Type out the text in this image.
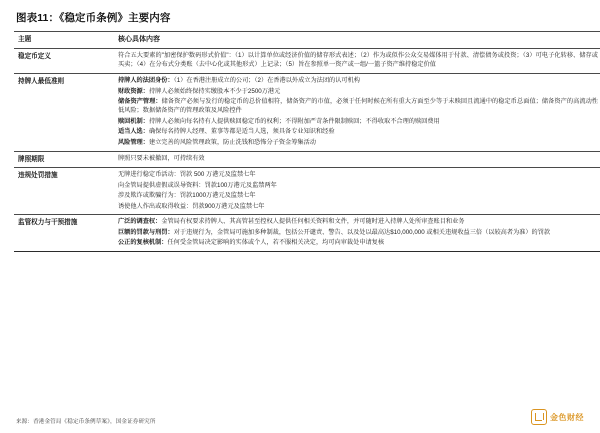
图表11：《稳定币条例》主要内容
主题	核心具体内容
稳定币定义	符合五大要素的"加密保护数码形式价值"：（1）以计算单位或经济价值的储存形式表述；（2）作为或似作公众交易媒体用于付款、清偿债务或投资；（3）可电子化转移、储存或买卖；（4）在分布式分类账（去中心化或其他形式）上记录；（5）旨在参照单一资产或一组/一篮子资产维持稳定价值

持牌人最低准则	持牌人的法团身份：（1）在香港注册成立的公司；（2）在香港以外成立为法团的认可机构
财政资源：持牌人必须始终保持实缴股本不少于2500万港元
储备资产管理：储备资产必须与发行的稳定币的总价值相符，储备资产的市值，必须于任何时候在所有重大方面至少等于未赎回且流通中的稳定币总面值；储备资产的高流动性低风险；数据储备资产的管理政策及风险控件
赎回机制：持牌人必须向每名持有人提供赎回稳定币的权利；不得附加严苛条件限制赎回；不得收取不合理的赎回费用
适当人选：确保每名持牌人经理、董事等都是适当人选，须具备专业知识和经验
风险管理：建立完善的风险管理政策，防止洗钱和恐怖分子资金筹集活动

牌照期限	牌照只要未被撤回，可持续有效

违规处罚措施	无牌进行稳定币活动：罚款 500 万港元及监禁七年
向金管局提供虚假或误导资料：罚款100万港元及监禁两年
涉及欺诈或欺骗行为：罚款1000万港元及监禁七年
诱使他人作出或取得收益：罚款900万港元及监禁七年

监管权力与干预措施	广泛的调查权：金管局有权要求持牌人、其高管甚至控权人提供任何相关资料和文件，并可随时进入持牌人处所审查账目和业务
巨额的罚款与刑罚：对于违规行为，金管局可施加多种制裁，包括公开谴责、警告、以及处以最高达$10,000,000 或相关违规收益三倍（以较高者为准）的罚款
公正的复核机制：任何受金管局决定影响的实体或个人，若不服相关决定，均可向审裁处申请复核
来源：香港金管局《稳定币条例草案》，国金证券研究所
金色财经
